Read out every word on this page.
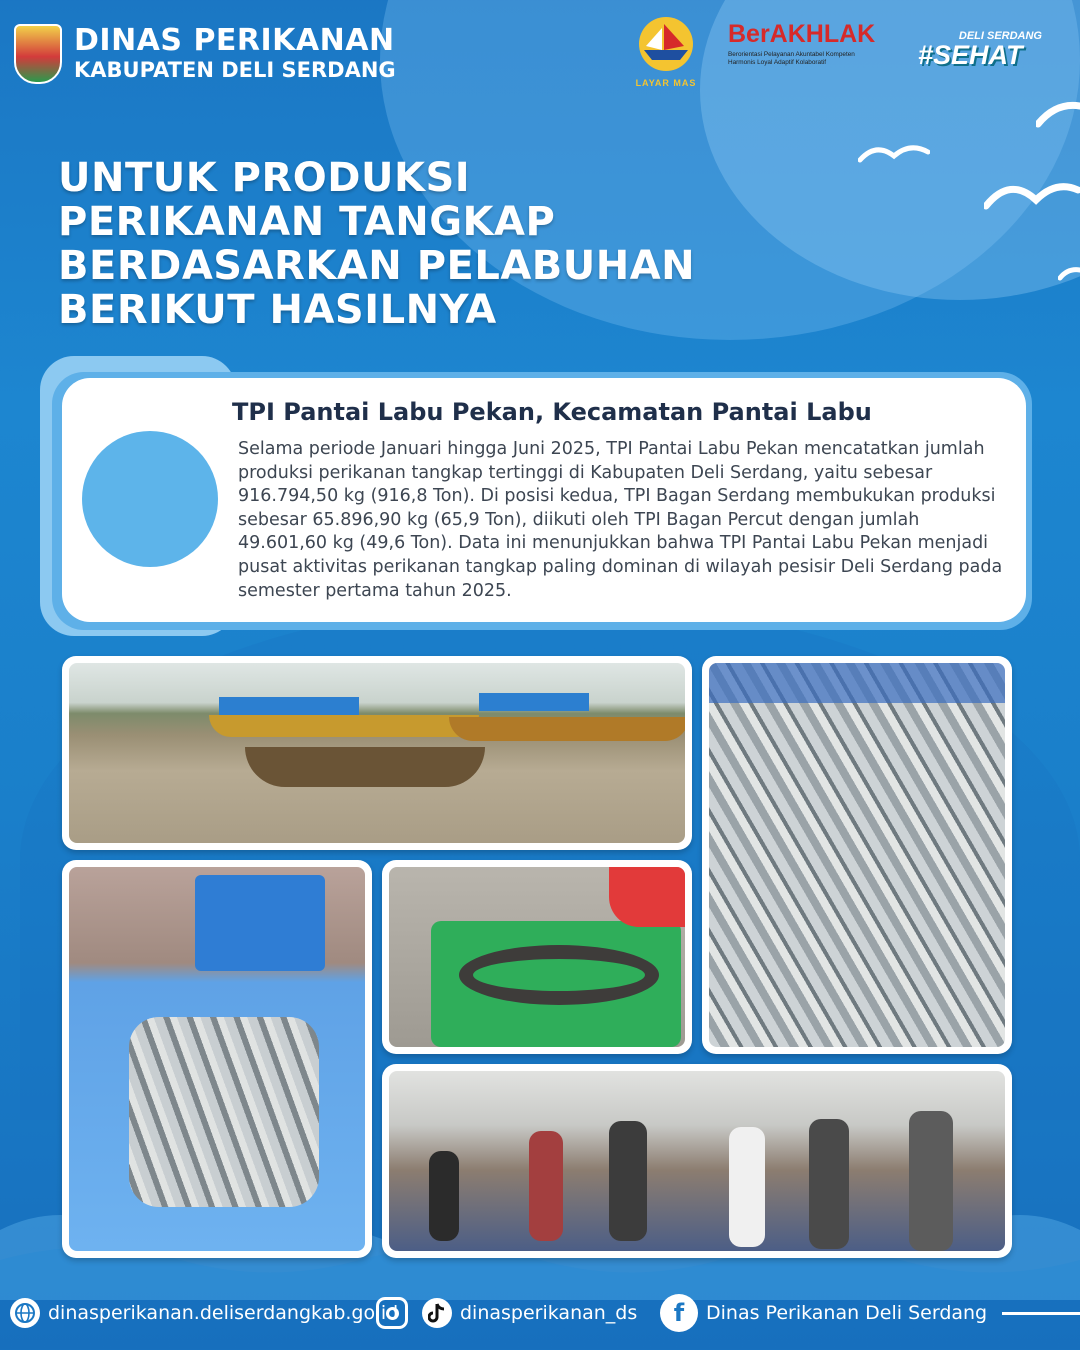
DINAS PERIKANAN
KABUPATEN DELI SERDANG
LAYAR MAS
BerAKHLAK
Berorientasi Pelayanan Akuntabel Kompeten
Harmonis Loyal Adaptif Kolaboratif
DELI SERDANG
#SEHAT
UNTUK PRODUKSI
PERIKANAN TANGKAP
BERDASARKAN PELABUHAN
BERIKUT HASILNYA
TPI Pantai Labu Pekan, Kecamatan Pantai Labu
Selama periode Januari hingga Juni 2025, TPI Pantai Labu Pekan mencatatkan jumlah produksi perikanan tangkap tertinggi di Kabupaten Deli Serdang, yaitu sebesar 916.794,50 kg (916,8 Ton). Di posisi kedua, TPI Bagan Serdang membukukan produksi sebesar 65.896,90 kg (65,9 Ton), diikuti oleh TPI Bagan Percut dengan jumlah 49.601,60 kg (49,6 Ton). Data ini menunjukkan bahwa TPI Pantai Labu Pekan menjadi pusat aktivitas perikanan tangkap paling dominan di wilayah pesisir Deli Serdang pada semester pertama tahun 2025.
dinasperikanan.deliserdangkab.go.id	dinasperikanan_ds	f	Dinas Perikanan Deli Serdang
